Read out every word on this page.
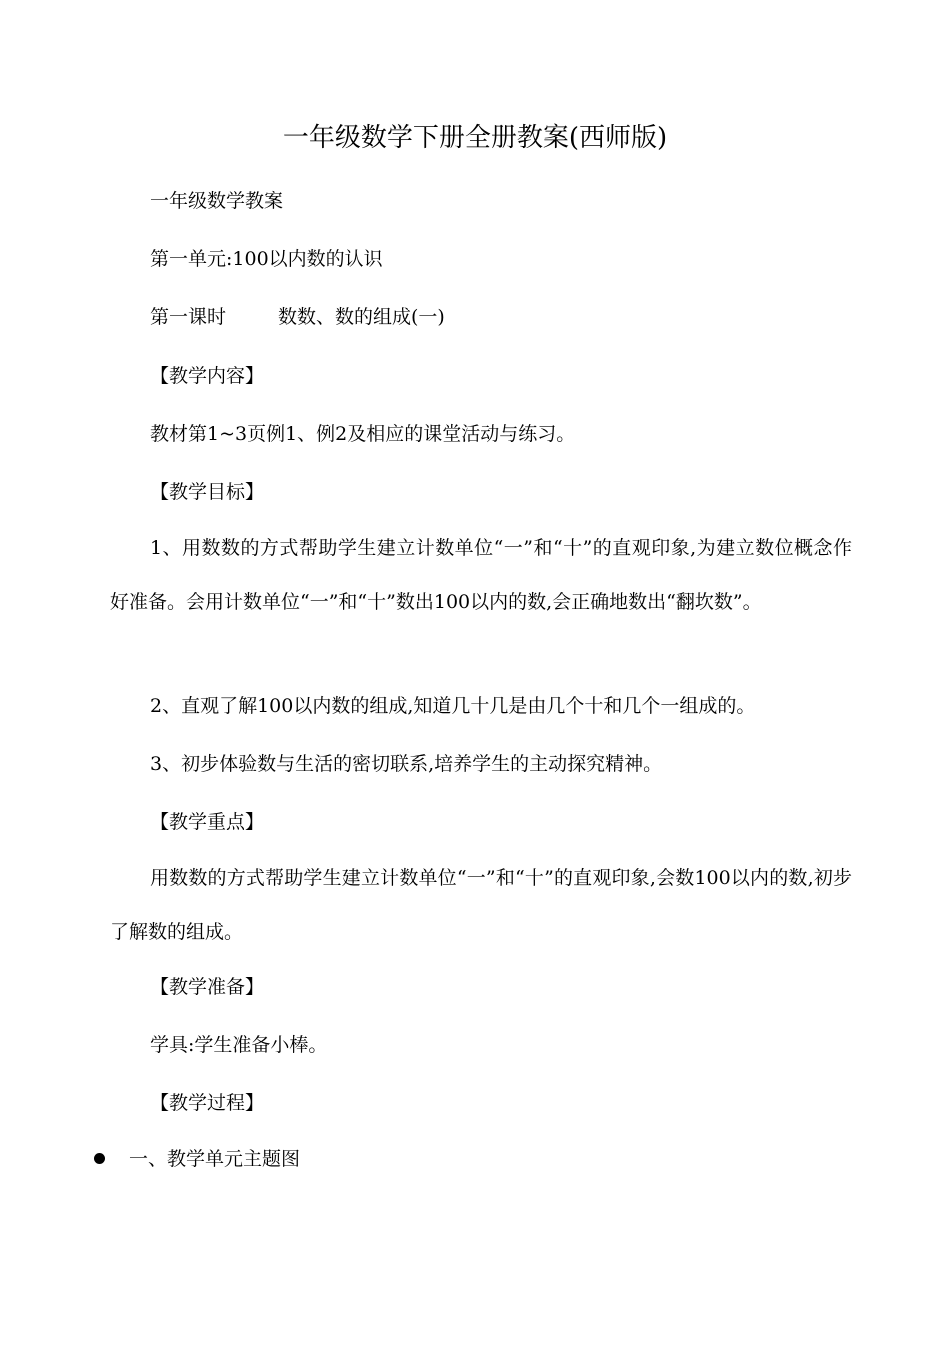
一年级数学下册全册教案(西师版)
一年级数学教案
第一单元:100以内数的认识
第一课时	数数、数的组成(一)
【教学内容】
教材第1~3页例1、例2及相应的课堂活动与练习。
【教学目标】
1、用数数的方式帮助学生建立计数单位“一”和“十”的直观印象,为建立数位概念作好准备。会用计数单位“一”和“十”数出100以内的数,会正确地数出“翻坎数”。
2、直观了解100以内数的组成,知道几十几是由几个十和几个一组成的。
3、初步体验数与生活的密切联系,培养学生的主动探究精神。
【教学重点】
用数数的方式帮助学生建立计数单位“一”和“十”的直观印象,会数100以内的数,初步了解数的组成。
【教学准备】
学具:学生准备小棒。
【教学过程】
一、教学单元主题图
